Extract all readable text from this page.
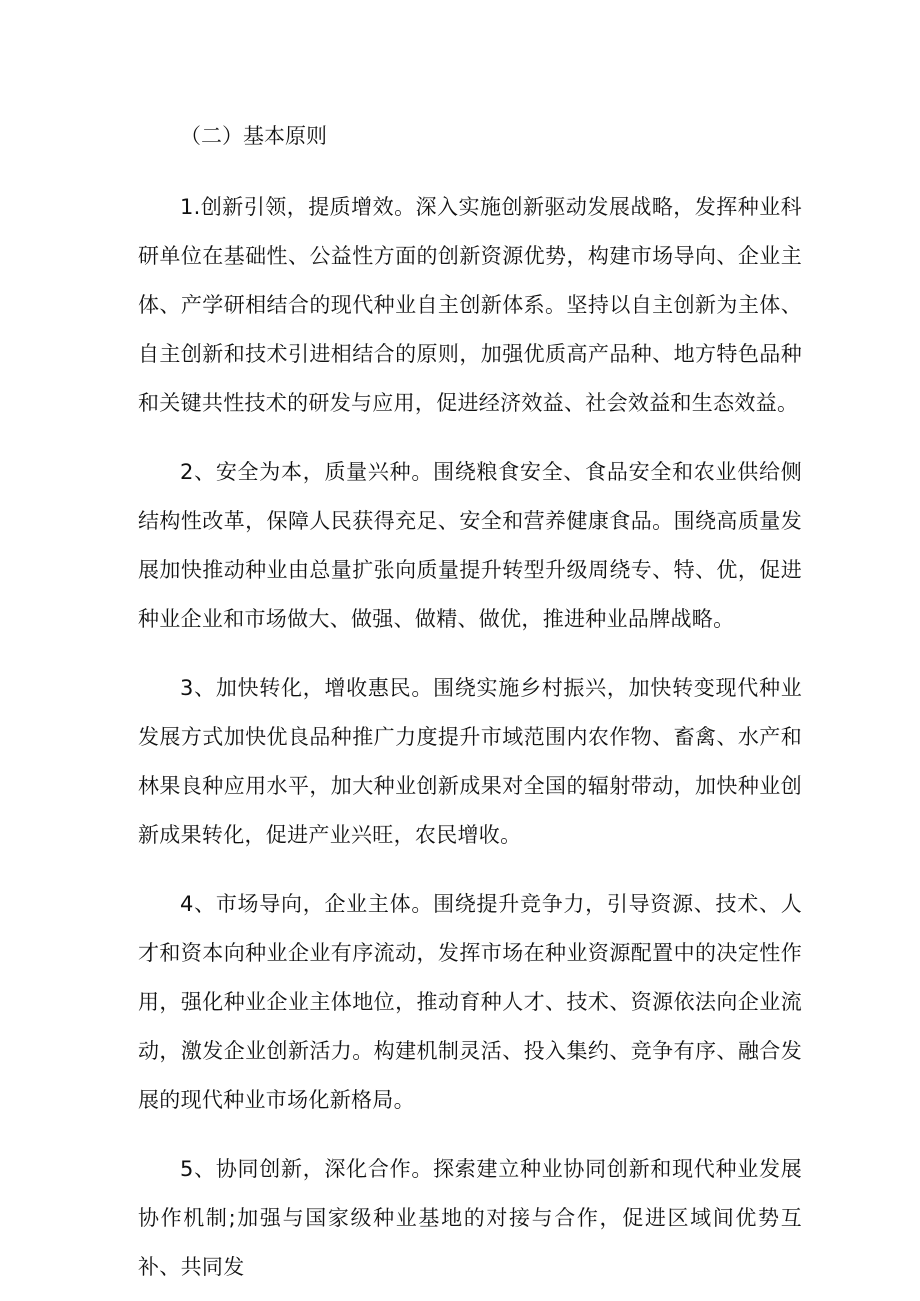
（二）基本原则

1.创新引领，提质增效。深入实施创新驱动发展战略，发挥种业科研单位在基础性、公益性方面的创新资源优势，构建市场导向、企业主体、产学研相结合的现代种业自主创新体系。坚持以自主创新为主体、自主创新和技术引进相结合的原则，加强优质高产品种、地方特色品种和关键共性技术的研发与应用，促进经济效益、社会效益和生态效益。

2、安全为本，质量兴种。围绕粮食安全、食品安全和农业供给侧结构性改革，保障人民获得充足、安全和营养健康食品。围绕高质量发展加快推动种业由总量扩张向质量提升转型升级周绕专、特、优，促进种业企业和市场做大、做强、做精、做优，推进种业品牌战略。

3、加快转化，增收惠民。围绕实施乡村振兴，加快转变现代种业发展方式加快优良品种推广力度提升市域范围内农作物、畜禽、水产和林果良种应用水平，加大种业创新成果对全国的辐射带动，加快种业创新成果转化，促进产业兴旺，农民增收。

4、市场导向，企业主体。围绕提升竞争力，引导资源、技术、人才和资本向种业企业有序流动，发挥市场在种业资源配置中的决定性作用，强化种业企业主体地位，推动育种人才、技术、资源依法向企业流动，激发企业创新活力。构建机制灵活、投入集约、竞争有序、融合发展的现代种业市场化新格局。

5、协同创新，深化合作。探索建立种业协同创新和现代种业发展协作机制;加强与国家级种业基地的对接与合作，促进区域间优势互补、共同发
